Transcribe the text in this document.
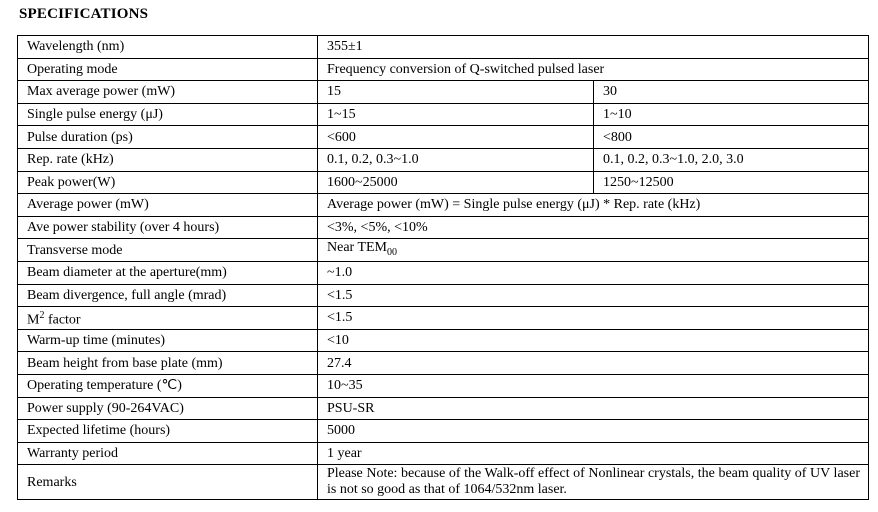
SPECIFICATIONS
Wavelength (nm)	355±1	
Operating mode	Frequency conversion of Q-switched pulsed laser	
Max average power (mW)	15	30
Single pulse energy (μJ)	1~15	1~10
Pulse duration (ps)	<600	<800
Rep. rate (kHz)	0.1, 0.2, 0.3~1.0	0.1, 0.2, 0.3~1.0, 2.0, 3.0
Peak power(W)	1600~25000	1250~12500
Average power (mW)	Average power (mW) = Single pulse energy (μJ) * Rep. rate (kHz)	
Ave power stability (over 4 hours)	<3%, <5%, <10%	
Transverse mode	Near $TEM_{00}$
Beam diameter at the aperture(mm)	~1.0	
Beam divergence, full angle (mrad)	<1.5	
$M^2$ factor	<1.5	
Warm-up time (minutes)	<10	
Beam height from base plate (mm)	27.4	
Operating temperature (℃)	10~35	
Power supply (90-264VAC)	PSU-SR	
Expected lifetime (hours)	5000	
Warranty period	1 year	
Remarks	Please Note: because of the Walk-off effect of Nonlinear crystals, the beam quality of UV laser is not so good as that of 1064/532nm laser.	
